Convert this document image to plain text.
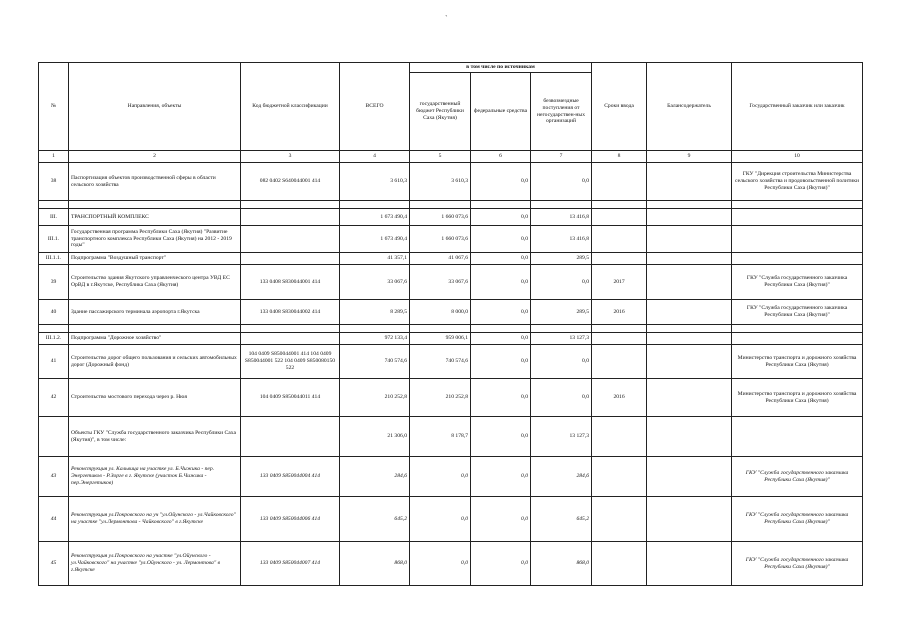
`
№	Направления, объекты	Код бюджетной классификации	ВСЕГО	в том числе по источникам			Сроки ввода	Балансодержатель	Государственный заказчик или заказчик
				государственный бюджет Республики Саха (Якутия)	федеральные средства	безвозмездные поступления от негосударствен-ных организаций			
1	2	3	4	5	6	7	8	9	10
38	Паспортизация объектов производственной сферы в области сельского хозяйства	082 0402 S640044001 414	3 610,3	3 610,3	0,0	0,0			ГКУ "Дирекция строительства Министерства сельского хозяйства и продовольственной политики Республики Саха (Якутия)"

III.	ТРАНСПОРТНЫЙ КОМПЛЕКС		1 673 490,4	1 660 073,6	0,0	13 416,8			
III.1.	Государственная программа Республики Саха (Якутия) "Развитие транспортного комплекса Республики Саха (Якутия) на 2012 - 2019 годы"		1 673 490,4	1 660 073,6	0,0	13 416,8			
III.1.1.	Подпрограмма "Воздушный транспорт"		41 357,1	41 067,6	0,0	289,5			
39	Строительство здания Якутского упрaвленческого центра УВД ЕС ОрВД в г.Якутске, Республика Саха (Якутия)	133 0408 S830044001 414	33 067,6	33 067,6	0,0	0,0	2017		ГКУ "Служба государственного заказчика Республики Саха (Якутия)"
40	Здание пассажирского терминала аэропорта г.Якутска	133 0408 S830044002 414	8 289,5	8 000,0	0,0	289,5	2016		ГКУ "Служба государственного заказчика Республики Саха (Якутия)"

III.1.2.	Подпрограмма "Дорожное хозяйство"		972 133,4	959 006,1	0,0	13 127,3			
41	Строительство дорог общего пользования и сельских автомобильных дорог (Дорожный фонд)	104 0409 S850044001 414 104 0409 S850044001 522 104 0409 S850080150 522	740 574,6	740 574,6	0,0	0,0			Министерство транспорта и дорожного хозяйства Республики Саха (Якутия)
42	Строительство мостового перехода через р. Нюя	104 0409 S850044011 414	210 252,8	210 252,8	0,0	0,0	2016		Министерство транспорта и дорожного хозяйства Республики Саха (Якутия)
	Объекты ГКУ "Служба государственного заказчика Республики Саха (Якутия)", в том числе:		21 306,0	8 178,7	0,0	13 127,3			
43	Реконструкция ул. Кальвица на участке ул. Б.Чижика - пер. Энергетиков - Р.Зорге в г. Якутске (участок Б.Чижика - пер.Энергетиков)	133 0409 S850044004 414	284,6	0,0	0,0	284,6			ГКУ "Служба государственного заказчика Республики Саха (Якутия)"
44	Реконструкция ул.Покровского на уч "ул.Ойунского - ул.Чайковского" на участке "ул.Лермонтова - Чайковского" в г.Якутске	133 0409 S850044006 414	645,2	0,0	0,0	645,2			ГКУ "Служба государственного заказчика Республики Саха (Якутия)"
45	Реконструкция ул.Покровского на участке "ул.Ойунского - ул.Чайковского" на участке "ул.Ойунского - ул. Лермонтова" в г.Якутске	133 0409 S850044007 414	868,0	0,0	0,0	868,0			ГКУ "Служба государственного заказчика Республики Саха (Якутия)"
